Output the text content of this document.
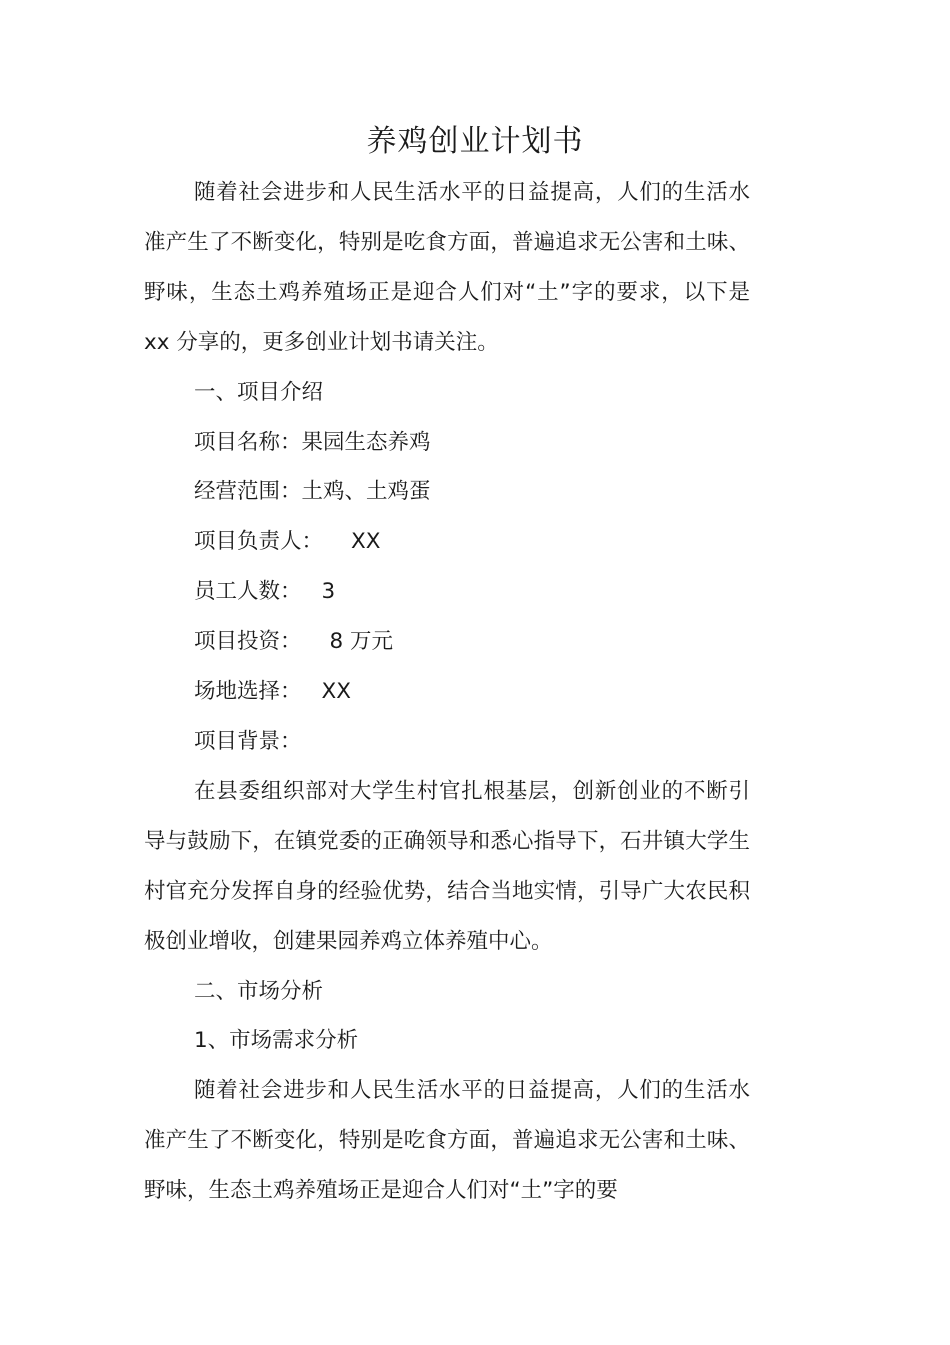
养鸡创业计划书

随着社会进步和人民生活水平的日益提高，人们的生活水准产生了不断变化，特别是吃食方面，普遍追求无公害和土味、野味，生态土鸡养殖场正是迎合人们对“土”字的要求，以下是 xx 分享的，更多创业计划书请关注。

一、项目介绍

项目名称：果园生态养鸡

经营范围：土鸡、土鸡蛋

项目负责人： XX

员工人数： 3

项目投资： 8 万元

场地选择： XX

项目背景：

在县委组织部对大学生村官扎根基层，创新创业的不断引导与鼓励下，在镇党委的正确领导和悉心指导下，石井镇大学生村官充分发挥自身的经验优势，结合当地实情，引导广大农民积极创业增收，创建果园养鸡立体养殖中心。

二、市场分析

1、市场需求分析

随着社会进步和人民生活水平的日益提高，人们的生活水准产生了不断变化，特别是吃食方面，普遍追求无公害和土味、野味，生态土鸡养殖场正是迎合人们对“土”字的要
